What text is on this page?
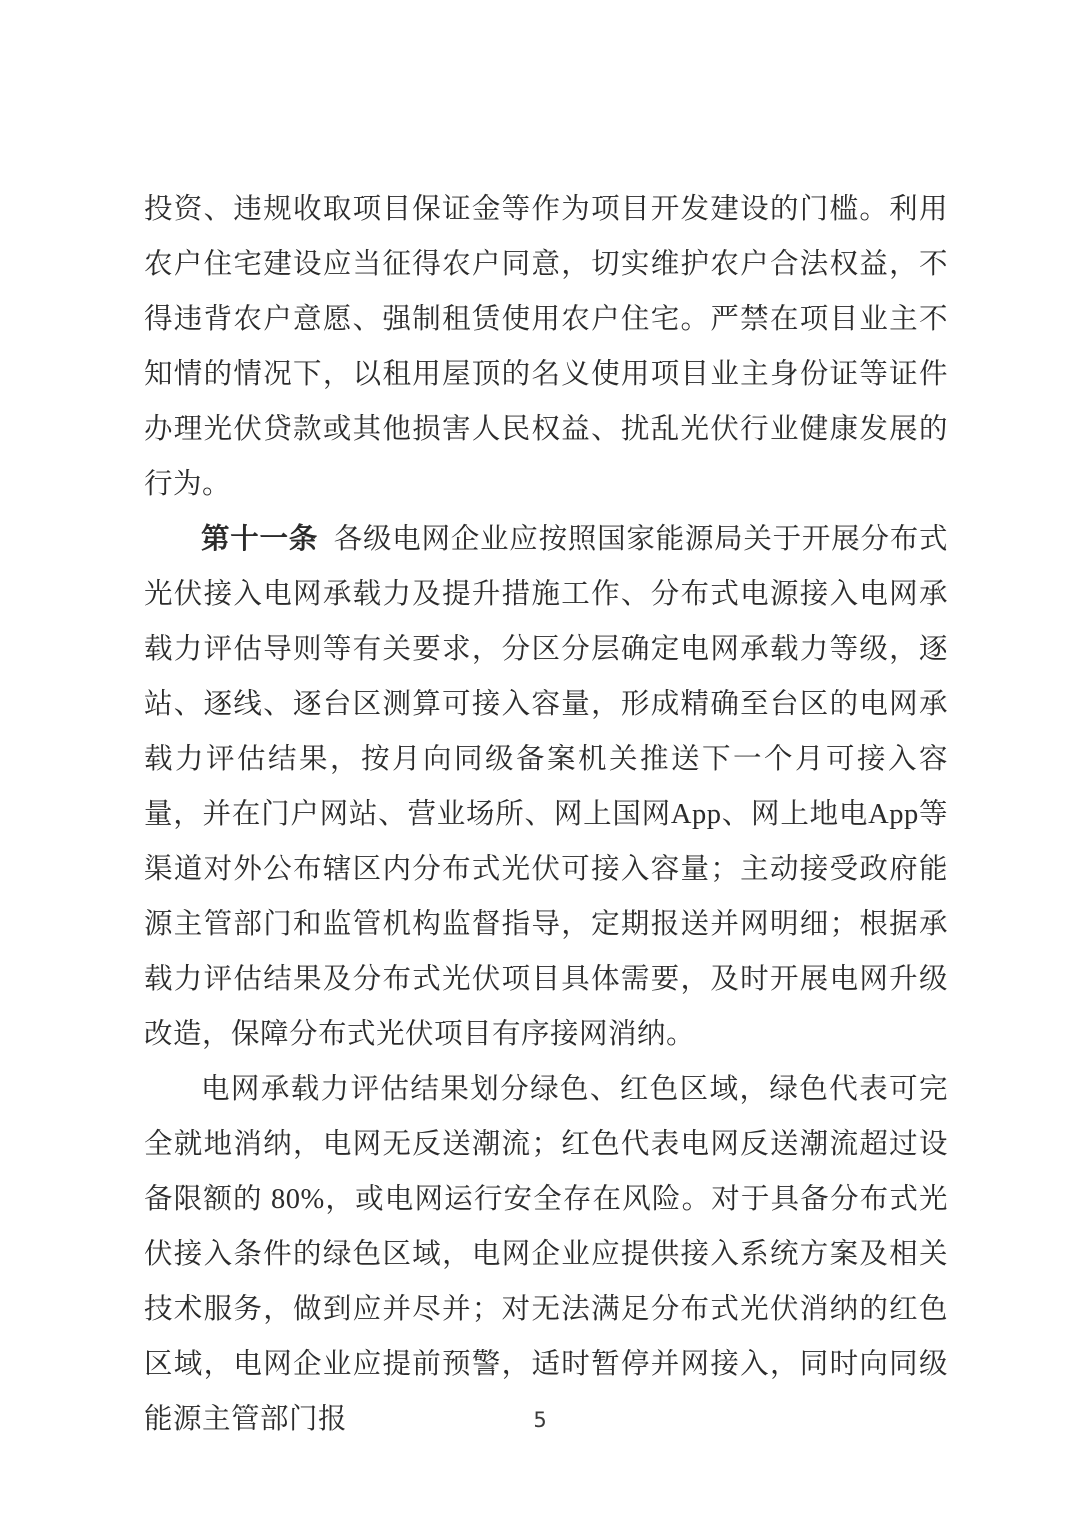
投资、违规收取项目保证金等作为项目开发建设的门槛。利用农户住宅建设应当征得农户同意，切实维护农户合法权益，不得违背农户意愿、强制租赁使用农户住宅。严禁在项目业主不知情的情况下，以租用屋顶的名义使用项目业主身份证等证件办理光伏贷款或其他损害人民权益、扰乱光伏行业健康发展的行为。

第十一条 各级电网企业应按照国家能源局关于开展分布式光伏接入电网承载力及提升措施工作、分布式电源接入电网承载力评估导则等有关要求，分区分层确定电网承载力等级，逐站、逐线、逐台区测算可接入容量，形成精确至台区的电网承载力评估结果，按月向同级备案机关推送下一个月可接入容量，并在门户网站、营业场所、网上国网App、网上地电App等渠道对外公布辖区内分布式光伏可接入容量；主动接受政府能源主管部门和监管机构监督指导，定期报送并网明细；根据承载力评估结果及分布式光伏项目具体需要，及时开展电网升级改造，保障分布式光伏项目有序接网消纳。

电网承载力评估结果划分绿色、红色区域，绿色代表可完全就地消纳，电网无反送潮流；红色代表电网反送潮流超过设备限额的 80%，或电网运行安全存在风险。对于具备分布式光伏接入条件的绿色区域，电网企业应提供接入系统方案及相关技术服务，做到应并尽并；对无法满足分布式光伏消纳的红色区域，电网企业应提前预警，适时暂停并网接入，同时向同级能源主管部门报	5
